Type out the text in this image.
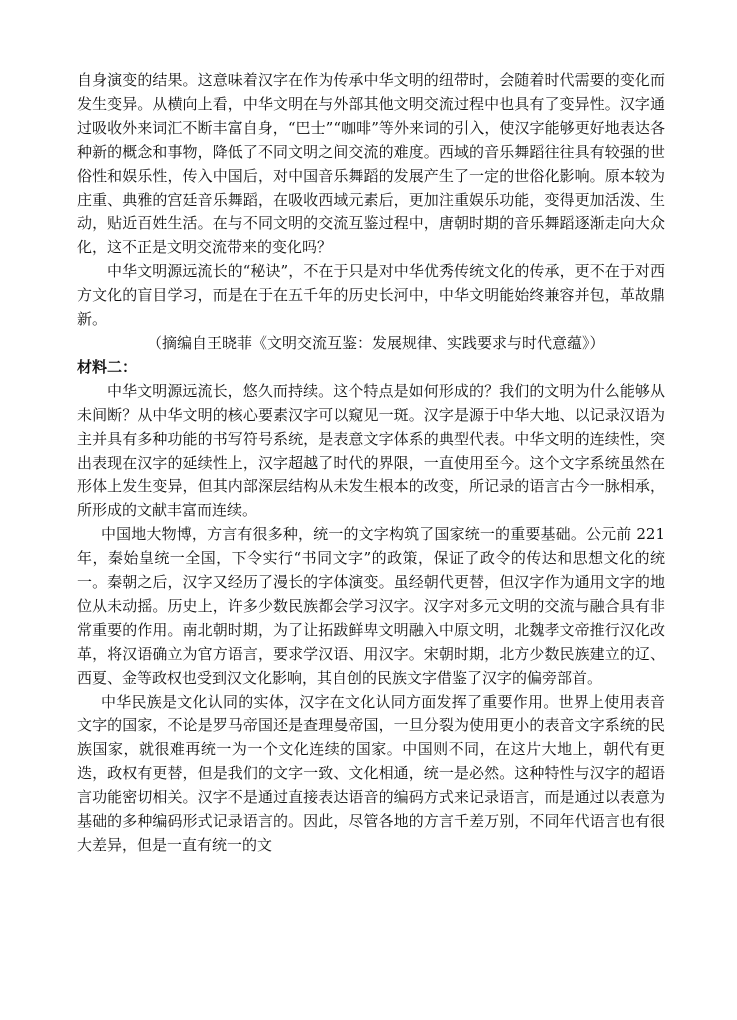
自身演变的结果。这意味着汉字在作为传承中华文明的纽带时，会随着时代需要的变化而发生变异。从横向上看，中华文明在与外部其他文明交流过程中也具有了变异性。汉字通过吸收外来词汇不断丰富自身，“巴士”“咖啡”等外来词的引入，使汉字能够更好地表达各种新的概念和事物，降低了不同文明之间交流的难度。西域的音乐舞蹈往往具有较强的世俗性和娱乐性，传入中国后，对中国音乐舞蹈的发展产生了一定的世俗化影响。原本较为庄重、典雅的宫廷音乐舞蹈，在吸收西域元素后，更加注重娱乐功能，变得更加活泼、生动，贴近百姓生活。在与不同文明的交流互鉴过程中，唐朝时期的音乐舞蹈逐渐走向大众化，这不正是文明交流带来的变化吗？

中华文明源远流长的“秘诀”，不在于只是对中华优秀传统文化的传承，更不在于对西方文化的盲目学习，而是在于在五千年的历史长河中，中华文明能始终兼容并包，革故鼎新。

（摘编自王晓菲《文明交流互鉴：发展规律、实践要求与时代意蕴》）

材料二：

中华文明源远流长，悠久而持续。这个特点是如何形成的？我们的文明为什么能够从未间断？从中华文明的核心要素汉字可以窥见一斑。汉字是源于中华大地、以记录汉语为主并具有多种功能的书写符号系统，是表意文字体系的典型代表。中华文明的连续性，突出表现在汉字的延续性上，汉字超越了时代的界限，一直使用至今。这个文字系统虽然在形体上发生变异，但其内部深层结构从未发生根本的改变，所记录的语言古今一脉相承，所形成的文献丰富而连续。

中国地大物博，方言有很多种，统一的文字构筑了国家统一的重要基础。公元前 221 年，秦始皇统一全国，下令实行“书同文字”的政策，保证了政令的传达和思想文化的统一。秦朝之后，汉字又经历了漫长的字体演变。虽经朝代更替，但汉字作为通用文字的地位从未动摇。历史上，许多少数民族都会学习汉字。汉字对多元文明的交流与融合具有非常重要的作用。南北朝时期，为了让拓跋鲜卑文明融入中原文明，北魏孝文帝推行汉化改革，将汉语确立为官方语言，要求学汉语、用汉字。宋朝时期，北方少数民族建立的辽、西夏、金等政权也受到汉文化影响，其自创的民族文字借鉴了汉字的偏旁部首。

中华民族是文化认同的实体，汉字在文化认同方面发挥了重要作用。世界上使用表音文字的国家，不论是罗马帝国还是查理曼帝国，一旦分裂为使用更小的表音文字系统的民族国家，就很难再统一为一个文化连续的国家。中国则不同，在这片大地上，朝代有更迭，政权有更替，但是我们的文字一致、文化相通，统一是必然。这种特性与汉字的超语言功能密切相关。汉字不是通过直接表达语音的编码方式来记录语言，而是通过以表意为基础的多种编码形式记录语言的。因此，尽管各地的方言千差万别，不同年代语言也有很大差异，但是一直有统一的文
